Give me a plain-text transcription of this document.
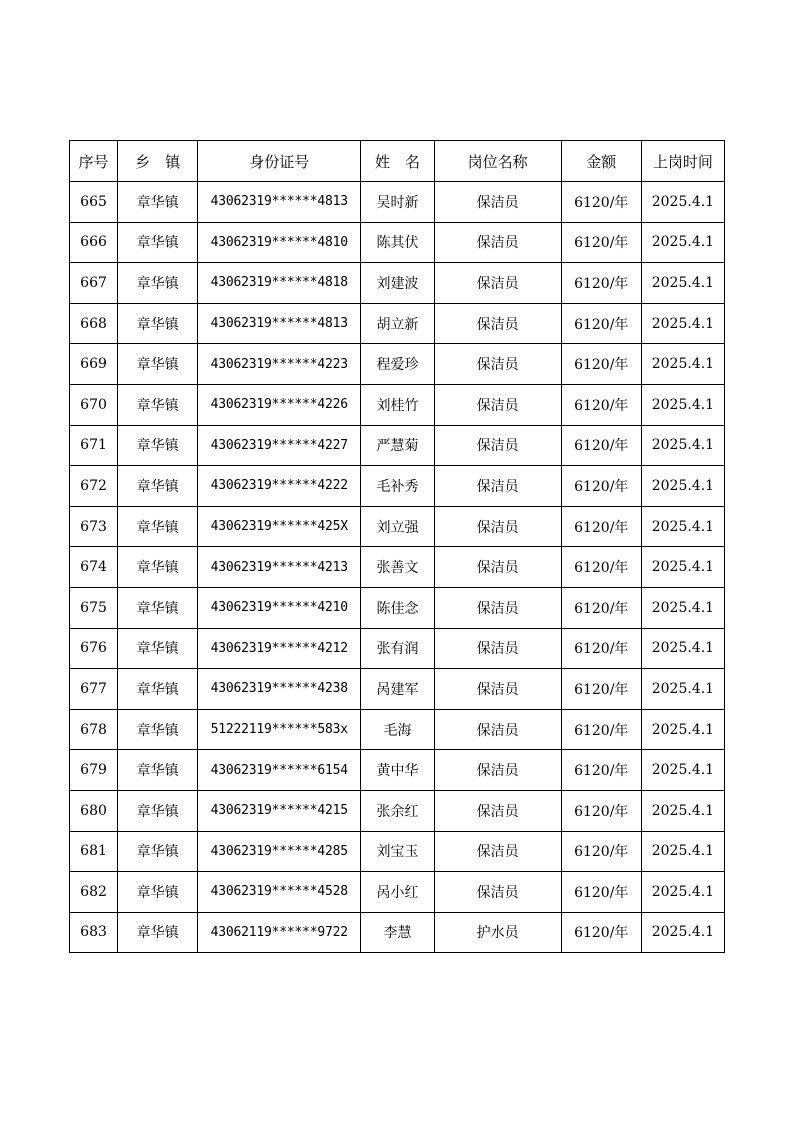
序号	乡　镇	身份证号	姓　名	岗位名称	金额	上岗时间
665	章华镇	43062319******4813	吴时新	保洁员	6120/年	2025.4.1
666	章华镇	43062319******4810	陈其伏	保洁员	6120/年	2025.4.1
667	章华镇	43062319******4818	刘建波	保洁员	6120/年	2025.4.1
668	章华镇	43062319******4813	胡立新	保洁员	6120/年	2025.4.1
669	章华镇	43062319******4223	程爱珍	保洁员	6120/年	2025.4.1
670	章华镇	43062319******4226	刘桂竹	保洁员	6120/年	2025.4.1
671	章华镇	43062319******4227	严慧菊	保洁员	6120/年	2025.4.1
672	章华镇	43062319******4222	毛补秀	保洁员	6120/年	2025.4.1
673	章华镇	43062319******425X	刘立强	保洁员	6120/年	2025.4.1
674	章华镇	43062319******4213	张善文	保洁员	6120/年	2025.4.1
675	章华镇	43062319******4210	陈佳念	保洁员	6120/年	2025.4.1
676	章华镇	43062319******4212	张有润	保洁员	6120/年	2025.4.1
677	章华镇	43062319******4238	呙建军	保洁员	6120/年	2025.4.1
678	章华镇	51222119******583x	毛海	保洁员	6120/年	2025.4.1
679	章华镇	43062319******6154	黄中华	保洁员	6120/年	2025.4.1
680	章华镇	43062319******4215	张余红	保洁员	6120/年	2025.4.1
681	章华镇	43062319******4285	刘宝玉	保洁员	6120/年	2025.4.1
682	章华镇	43062319******4528	呙小红	保洁员	6120/年	2025.4.1
683	章华镇	43062119******9722	李慧	护水员	6120/年	2025.4.1
